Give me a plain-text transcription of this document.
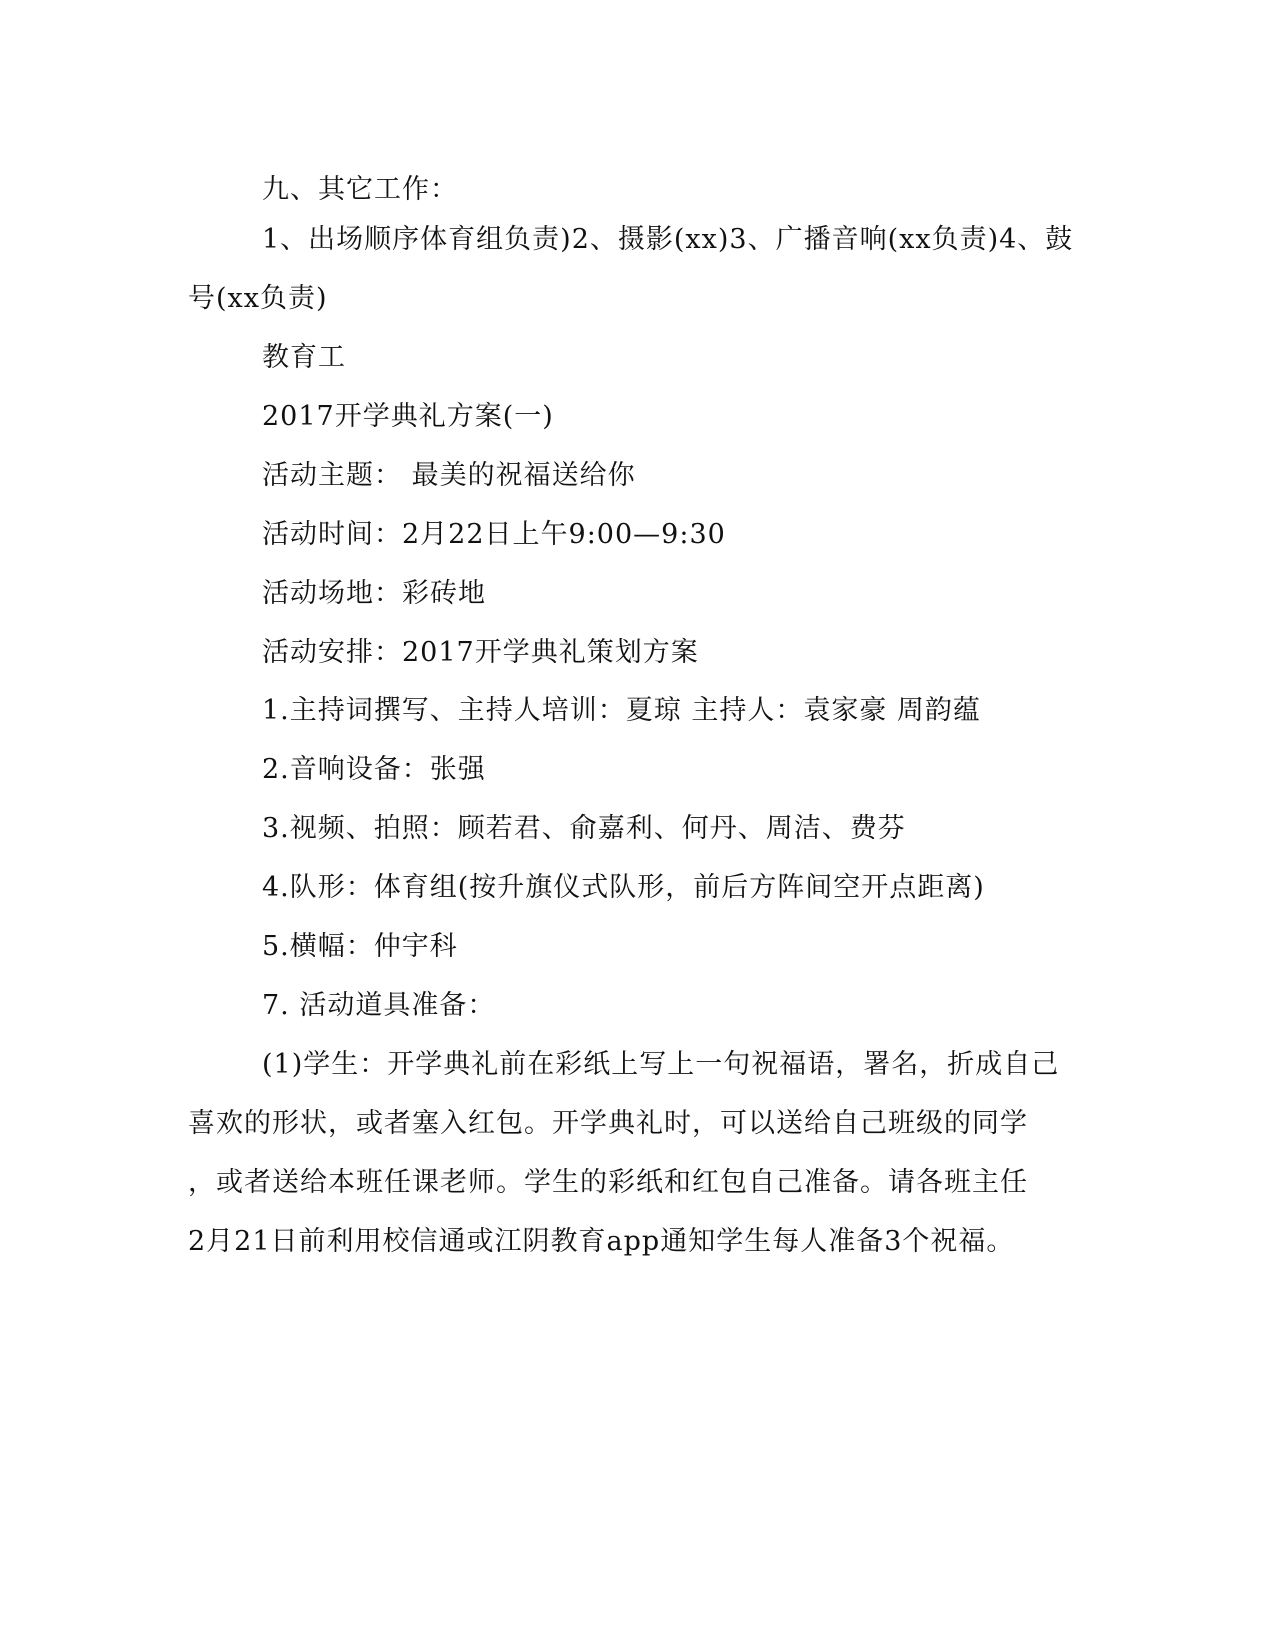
九、其它工作：
1、出场顺序体育组负责)2、摄影(xx)3、广播音响(xx负责)4、鼓
号(xx负责)
教育工
2017开学典礼方案(一)
活动主题： 最美的祝福送给你
活动时间：2月22日上午9:00—9:30
活动场地：彩砖地
活动安排：2017开学典礼策划方案
1.主持词撰写、主持人培训：夏琼 主持人：袁家豪 周韵蕴
2.音响设备：张强
3.视频、拍照：顾若君、俞嘉利、何丹、周洁、费芬
4.队形：体育组(按升旗仪式队形，前后方阵间空开点距离)
5.横幅：仲宇科
7. 活动道具准备：
(1)学生：开学典礼前在彩纸上写上一句祝福语，署名，折成自己
喜欢的形状，或者塞入红包。开学典礼时，可以送给自己班级的同学
，或者送给本班任课老师。学生的彩纸和红包自己准备。请各班主任
2月21日前利用校信通或江阴教育app通知学生每人准备3个祝福。
